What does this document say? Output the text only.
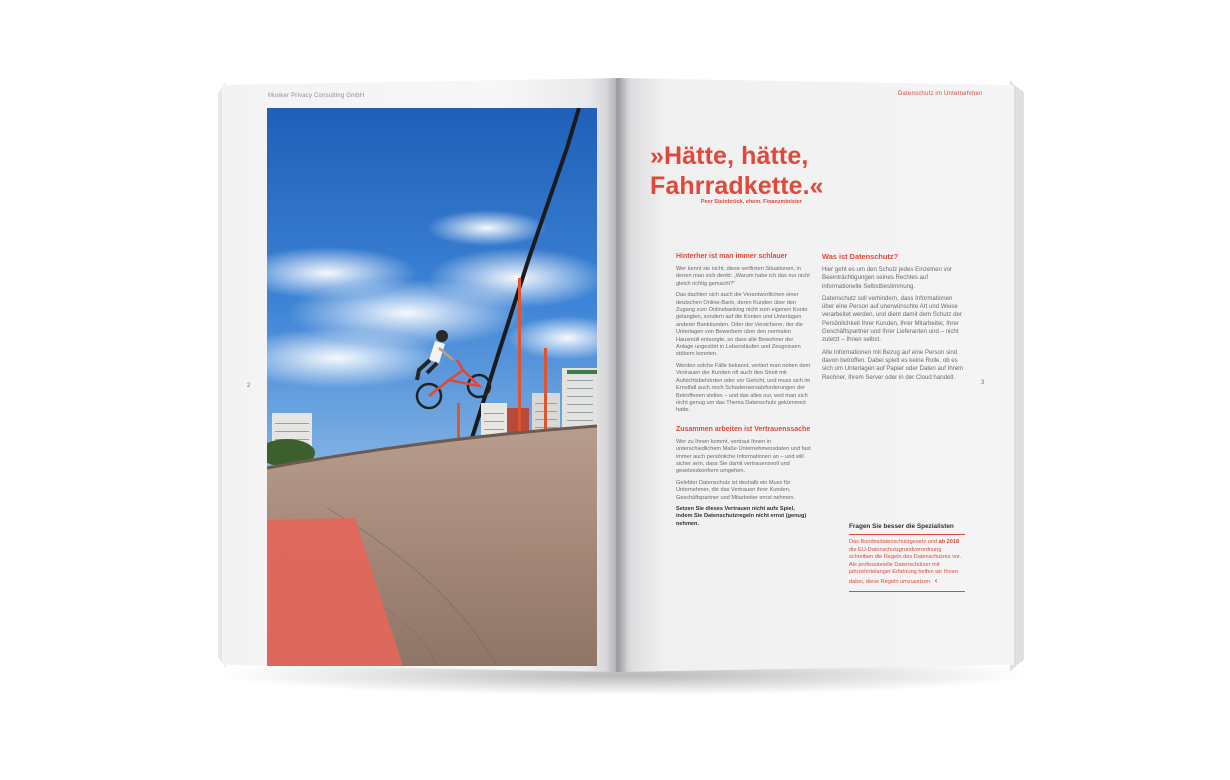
Munker Privacy Consulting GmbH
2
Datenschutz im Unternehmen
3
»Hätte, hätte,
Fahrradkette.«
Peer Steinbrück, ehem. Finanzminister
Hinterher ist man immer schlauer
Wer kennt sie nicht, diese verflixten Situationen, in denen man sich denkt: „Warum habe ich das nur nicht gleich richtig gemacht?"
Das dachten sich auch die Verantwortlichen einer deutschen Online-Bank, deren Kunden über den Zugang zum Onlinebanking nicht zum eigenen Konto gelangten, sondern auf die Konten und Unterlagen anderer Bankkunden. Oder der Versicherer, der die Unterlagen von Bewerbern über den normalen Hausmüll entsorgte, so dass alle Bewohner der Anlage ungestört in Lebensläufen und Zeugnissen stöbern konnten.
Werden solche Fälle bekannt, verliert man neben dem Vertrauen der Kunden oft auch den Streit mit Aufsichtsbehörden oder vor Gericht, und muss sich im Ernstfall auch noch Schadensersatzforderungen der Betroffenen stellen – und das alles nur, weil man sich nicht genug um das Thema Datenschutz gekümmert hatte.
Zusammen arbeiten ist Vertrauenssache
Wer zu Ihnen kommt, vertraut Ihnen in unterschiedlichem Maße Unternehmensdaten und fast immer auch persönliche Informationen an – und will sicher sein, dass Sie damit vertrauensvoll und gesetzeskonform umgehen.
Gelebter Datenschutz ist deshalb ein Muss für Unternehmer, die das Vertrauen ihrer Kunden, Geschäftspartner und Mitarbeiter ernst nehmen.
Setzen Sie dieses Vertrauen nicht aufs Spiel, indem Sie Datenschutzregeln nicht ernst (genug) nehmen.
Was ist Datenschutz?
Hier geht es um den Schutz jedes Einzelnen vor Beeinträchtigungen seines Rechtes auf informationelle Selbstbestimmung.
Datenschutz soll verhindern, dass Informationen über eine Person auf unerwünschte Art und Weise verarbeitet werden, und dient damit dem Schutz der Persönlichkeit Ihrer Kunden, Ihrer Mitarbeiter, Ihrer Geschäftspartner und Ihrer Lieferanten und – nicht zuletzt – Ihnen selbst.
Alle Informationen mit Bezug auf eine Person sind davon betroffen. Dabei spielt es keine Rolle, ob es sich um Unterlagen auf Papier oder Daten auf Ihrem Rechner, Ihrem Server oder in der Cloud handelt.
Fragen Sie besser die Spezialisten
Das Bundesdatenschutzgesetz und ab 2018 die EU-Datenschutzgrundverordnung schreiben die Regeln des Datenschutzes vor. Als professionelle Datenschützer mit jahrzehntelanger Erfahrung helfen wir Ihnen dabei, diese Regeln umzusetzen. ‹
